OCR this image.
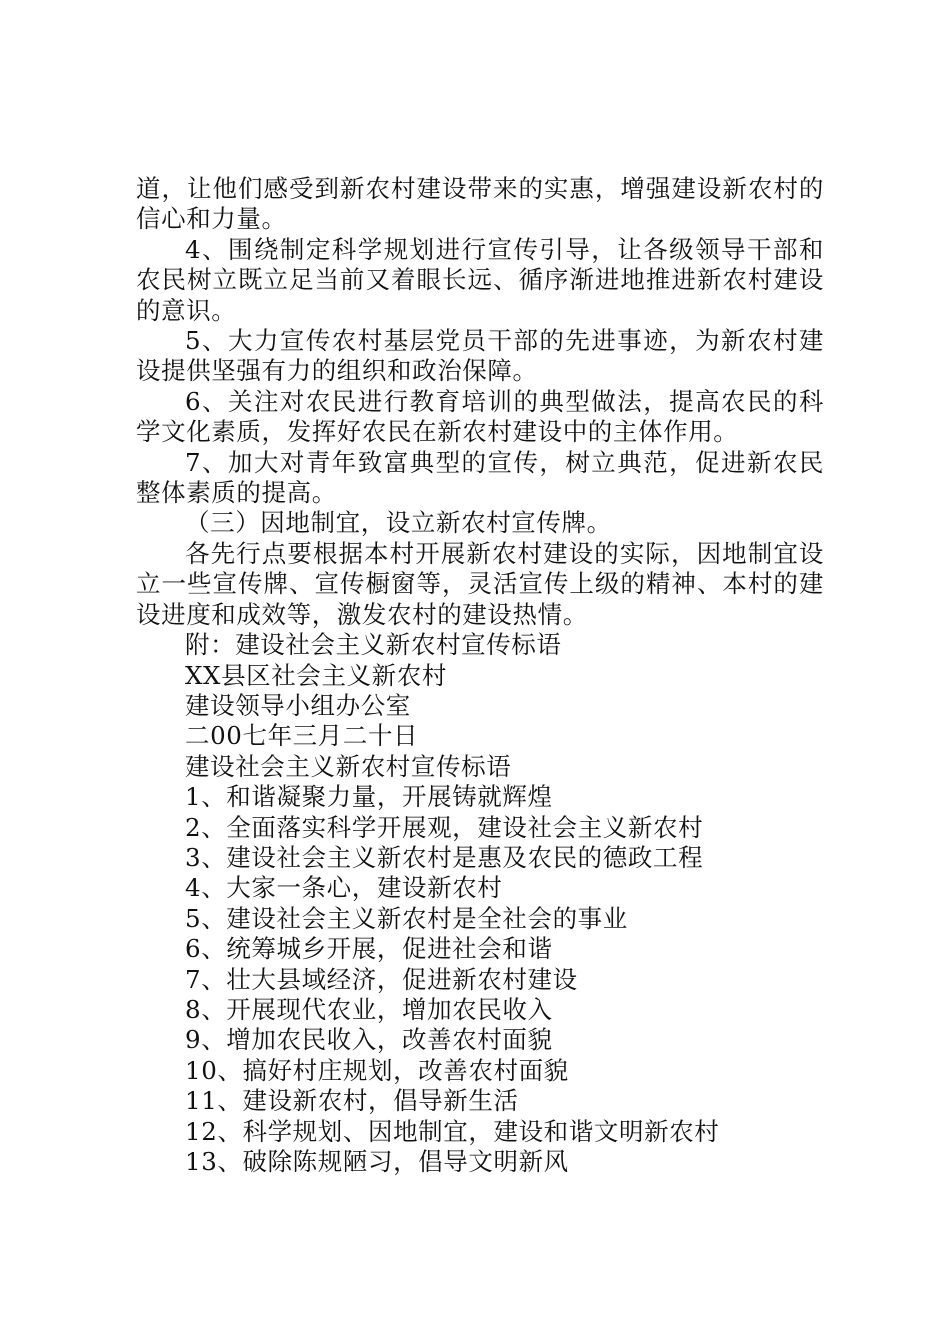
道，让他们感受到新农村建设带来的实惠，增强建设新农村的信心和力量。

4、围绕制定科学规划进行宣传引导，让各级领导干部和农民树立既立足当前又着眼长远、循序渐进地推进新农村建设的意识。

5、大力宣传农村基层党员干部的先进事迹，为新农村建设提供坚强有力的组织和政治保障。

6、关注对农民进行教育培训的典型做法，提高农民的科学文化素质，发挥好农民在新农村建设中的主体作用。

7、加大对青年致富典型的宣传，树立典范，促进新农民整体素质的提高。

（三）因地制宜，设立新农村宣传牌。

各先行点要根据本村开展新农村建设的实际，因地制宜设立一些宣传牌、宣传橱窗等，灵活宣传上级的精神、本村的建设进度和成效等，激发农村的建设热情。

附：建设社会主义新农村宣传标语

XX县区社会主义新农村

建设领导小组办公室

二00七年三月二十日

建设社会主义新农村宣传标语

1、和谐凝聚力量，开展铸就辉煌

2、全面落实科学开展观，建设社会主义新农村

3、建设社会主义新农村是惠及农民的德政工程

4、大家一条心，建设新农村

5、建设社会主义新农村是全社会的事业

6、统筹城乡开展，促进社会和谐

7、壮大县域经济，促进新农村建设

8、开展现代农业，增加农民收入

9、增加农民收入，改善农村面貌

10、搞好村庄规划，改善农村面貌

11、建设新农村，倡导新生活

12、科学规划、因地制宜，建设和谐文明新农村

13、破除陈规陋习，倡导文明新风
